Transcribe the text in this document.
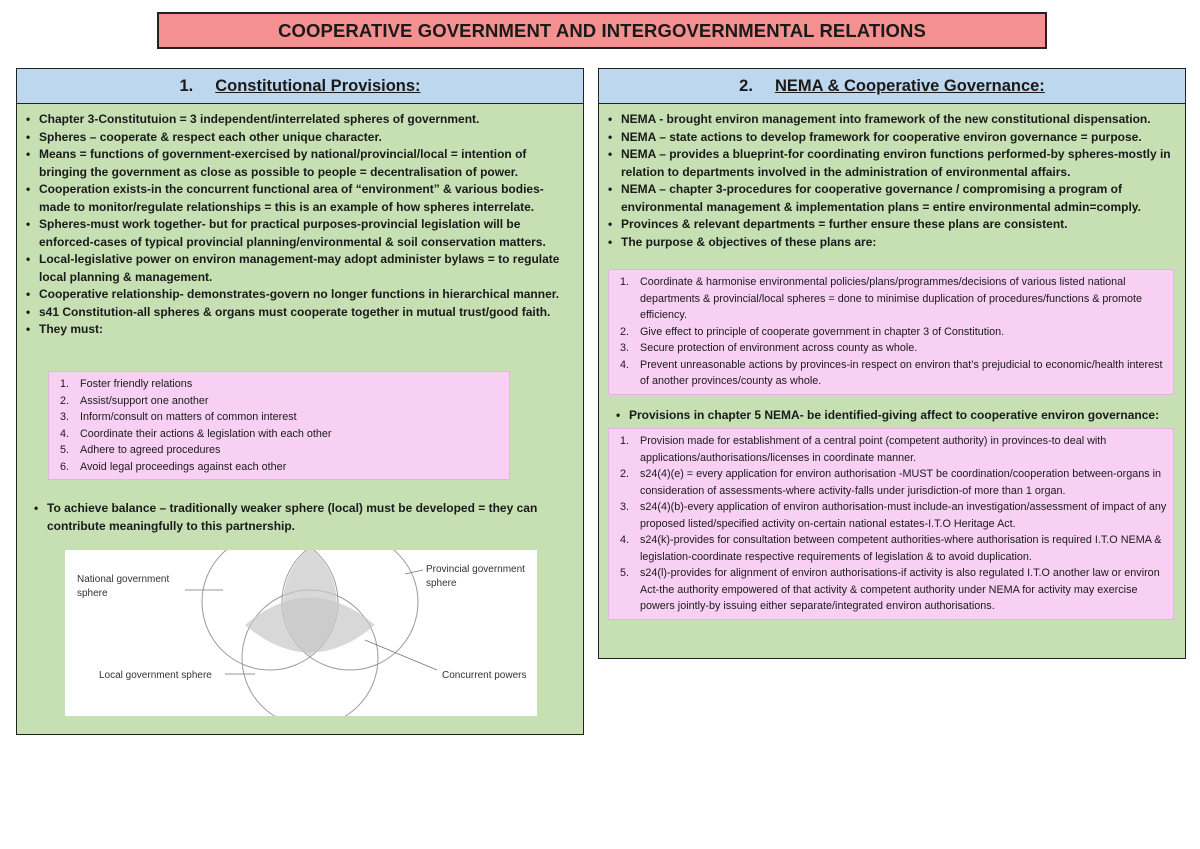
COOPERATIVE GOVERNMENT AND INTERGOVERNMENTAL RELATIONS
1. Constitutional Provisions:
• Chapter 3-Constitutuion = 3 independent/interrelated spheres of government.
• Spheres – cooperate & respect each other unique character.
• Means = functions of government-exercised by national/provincial/local = intention of bringing the government as close as possible to people = decentralisation of power.
• Cooperation exists-in the concurrent functional area of “environment” & various bodies-made to monitor/regulate relationships = this is an example of how spheres interrelate.
• Spheres-must work together- but for practical purposes-provincial legislation will be enforced-cases of typical provincial planning/environmental & soil conservation matters.
• Local-legislative power on environ management-may adopt administer bylaws = to regulate local planning & management.
• Cooperative relationship- demonstrates-govern no longer functions in hierarchical manner.
• s41 Constitution-all spheres & organs must cooperate together in mutual trust/good faith.
• They must:
1. Foster friendly relations
2. Assist/support one another
3. Inform/consult on matters of common interest
4. Coordinate their actions & legislation with each other
5. Adhere to agreed procedures
6. Avoid legal proceedings against each other
• To achieve balance – traditionally weaker sphere (local) must be developed = they can contribute meaningfully to this partnership.
National government
sphere
Provincial government
sphere
Local government sphere	Concurrent powers
2. NEMA & Cooperative Governance:
• NEMA - brought environ management into framework of the new constitutional dispensation.
• NEMA – state actions to develop framework for cooperative environ governance = purpose.
• NEMA – provides a blueprint-for coordinating environ functions performed-by spheres-mostly in relation to departments involved in the administration of environmental affairs.
• NEMA – chapter 3-procedures for cooperative governance / compromising a program of environmental management & implementation plans = entire environmental admin=comply.
• Provinces & relevant departments = further ensure these plans are consistent.
• The purpose & objectives of these plans are:
1. Coordinate & harmonise environmental policies/plans/programmes/decisions of various listed national departments & provincial/local spheres = done to minimise duplication of procedures/functions & promote efficiency.
2. Give effect to principle of cooperate government in chapter 3 of Constitution.
3. Secure protection of environment across county as whole.
4. Prevent unreasonable actions by provinces-in respect on environ that’s prejudicial to economic/health interest of another provinces/county as whole.
• Provisions in chapter 5 NEMA- be identified-giving affect to cooperative environ governance:
1. Provision made for establishment of a central point (competent authority) in provinces-to deal with applications/authorisations/licenses in coordinate manner.
2. s24(4)(e) = every application for environ authorisation -MUST be coordination/cooperation between-organs in consideration of assessments-where activity-falls under jurisdiction-of more than 1 organ.
3. s24(4)(b)-every application of environ authorisation-must include-an investigation/assessment of impact of any proposed listed/specified activity on-certain national estates-I.T.O Heritage Act.
4. s24(k)-provides for consultation between competent authorities-where authorisation is required I.T.O NEMA & legislation-coordinate respective requirements of legislation & to avoid duplication.
5. s24(l)-provides for alignment of environ authorisations-if activity is also regulated I.T.O another law or environ Act-the authority empowered of that activity & competent authority under NEMA for activity may exercise powers jointly-by issuing either separate/integrated environ authorisations.
